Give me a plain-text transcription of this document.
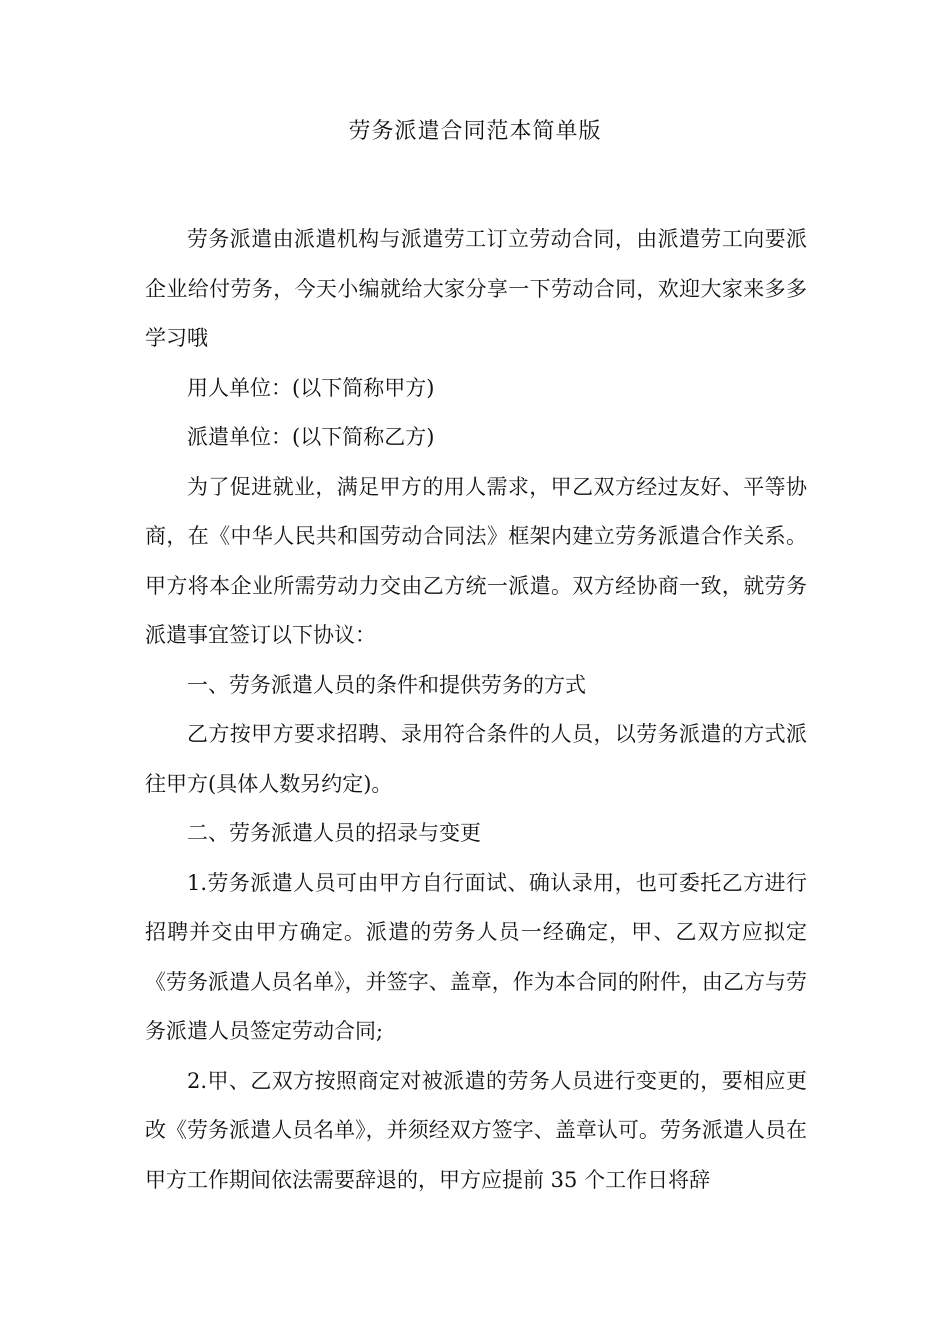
劳务派遣合同范本简单版

劳务派遣由派遣机构与派遣劳工订立劳动合同，由派遣劳工向要派企业给付劳务，今天小编就给大家分享一下劳动合同，欢迎大家来多多学习哦

用人单位：(以下简称甲方)

派遣单位：(以下简称乙方)

为了促进就业，满足甲方的用人需求，甲乙双方经过友好、平等协商，在《中华人民共和国劳动合同法》框架内建立劳务派遣合作关系。甲方将本企业所需劳动力交由乙方统一派遣。双方经协商一致，就劳务派遣事宜签订以下协议：

一、劳务派遣人员的条件和提供劳务的方式

乙方按甲方要求招聘、录用符合条件的人员，以劳务派遣的方式派往甲方(具体人数另约定)。

二、劳务派遣人员的招录与变更

1.劳务派遣人员可由甲方自行面试、确认录用，也可委托乙方进行招聘并交由甲方确定。派遣的劳务人员一经确定，甲、乙双方应拟定《劳务派遣人员名单》，并签字、盖章，作为本合同的附件，由乙方与劳务派遣人员签定劳动合同;

2.甲、乙双方按照商定对被派遣的劳务人员进行变更的，要相应更改《劳务派遣人员名单》，并须经双方签字、盖章认可。劳务派遣人员在甲方工作期间依法需要辞退的，甲方应提前 35 个工作日将辞
